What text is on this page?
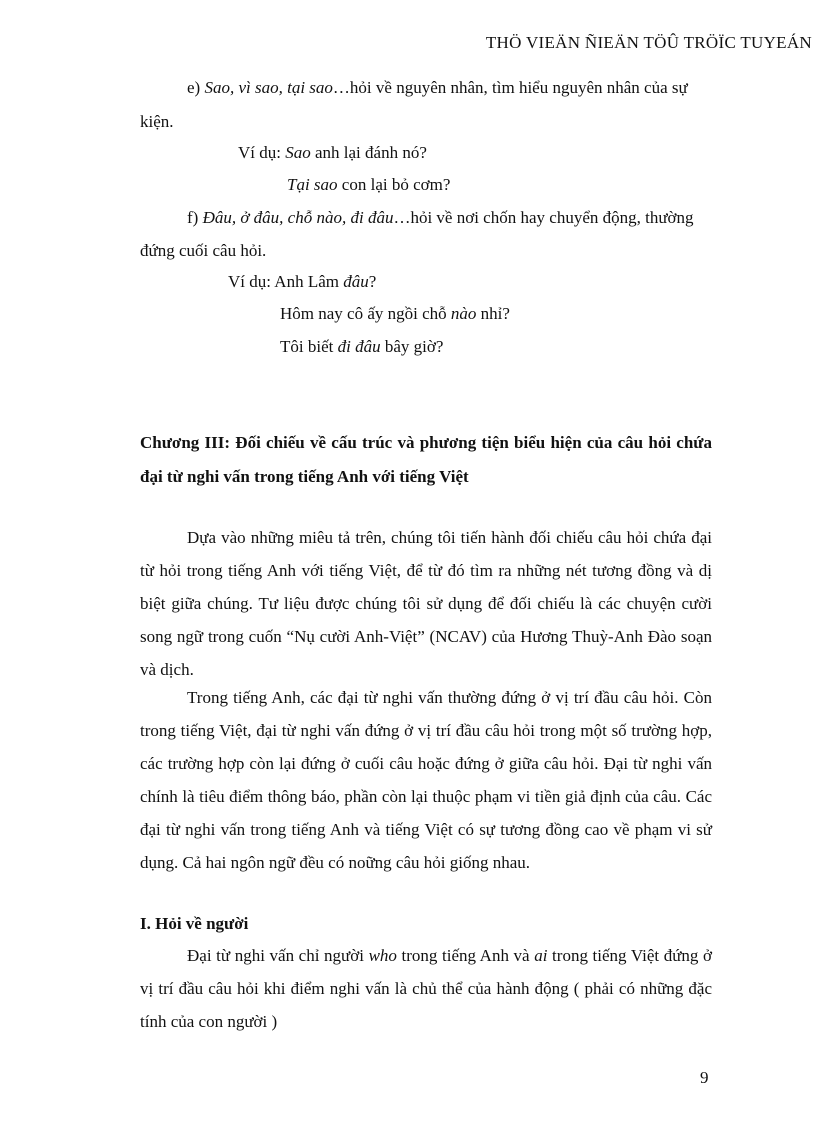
THÖ VIEÄN ÑIEÄN TÖÛ TRÖÏC TUYEÁN
e) Sao, vì sao, tại sao…hỏi về nguyên nhân, tìm hiểu nguyên nhân của sự
kiện.
Ví dụ: Sao anh lại đánh nó?
Tại sao con lại bỏ cơm?
f) Đâu, ở đâu, chỗ nào, đi đâu…hỏi về nơi chốn hay chuyển động, thường
đứng cuối câu hỏi.
Ví dụ: Anh Lâm đâu?
Hôm nay cô ấy ngồi chỗ nào nhỉ?
Tôi biết đi đâu bây giờ?
Chương III: Đối chiếu về cấu trúc và phương tiện biểu hiện của câu hỏi chứa đại từ nghi vấn trong tiếng Anh với tiếng Việt
Dựa vào những miêu tả trên, chúng tôi tiến hành đối chiếu câu hỏi chứa đại từ hỏi trong tiếng Anh với tiếng Việt, để từ đó tìm ra những nét tương đồng và dị biệt giữa chúng. Tư liệu được chúng tôi sử dụng để đối chiếu là các chuyện cười song ngữ trong cuốn “Nụ cười Anh-Việt” (NCAV) của Hương Thuỳ-Anh Đào soạn và dịch.
Trong tiếng Anh, các đại từ nghi vấn thường đứng ở vị trí đầu câu hỏi. Còn trong tiếng Việt, đại từ nghi vấn đứng ở vị trí đầu câu hỏi trong một số trường hợp, các trường hợp còn lại đứng ở cuối câu hoặc đứng ở giữa câu hỏi. Đại từ nghi vấn chính là tiêu điểm thông báo, phần còn lại thuộc phạm vi tiền giả định của câu. Các đại từ nghi vấn trong tiếng Anh và tiếng Việt có sự tương đồng cao về phạm vi sử dụng. Cả hai ngôn ngữ đều có noững câu hỏi giống nhau.
I. Hỏi về người
Đại từ nghi vấn chỉ người who trong tiếng Anh và ai trong tiếng Việt đứng ở vị trí đầu câu hỏi khi điểm nghi vấn là chủ thể của hành động ( phải có những đặc tính của con người )
9
